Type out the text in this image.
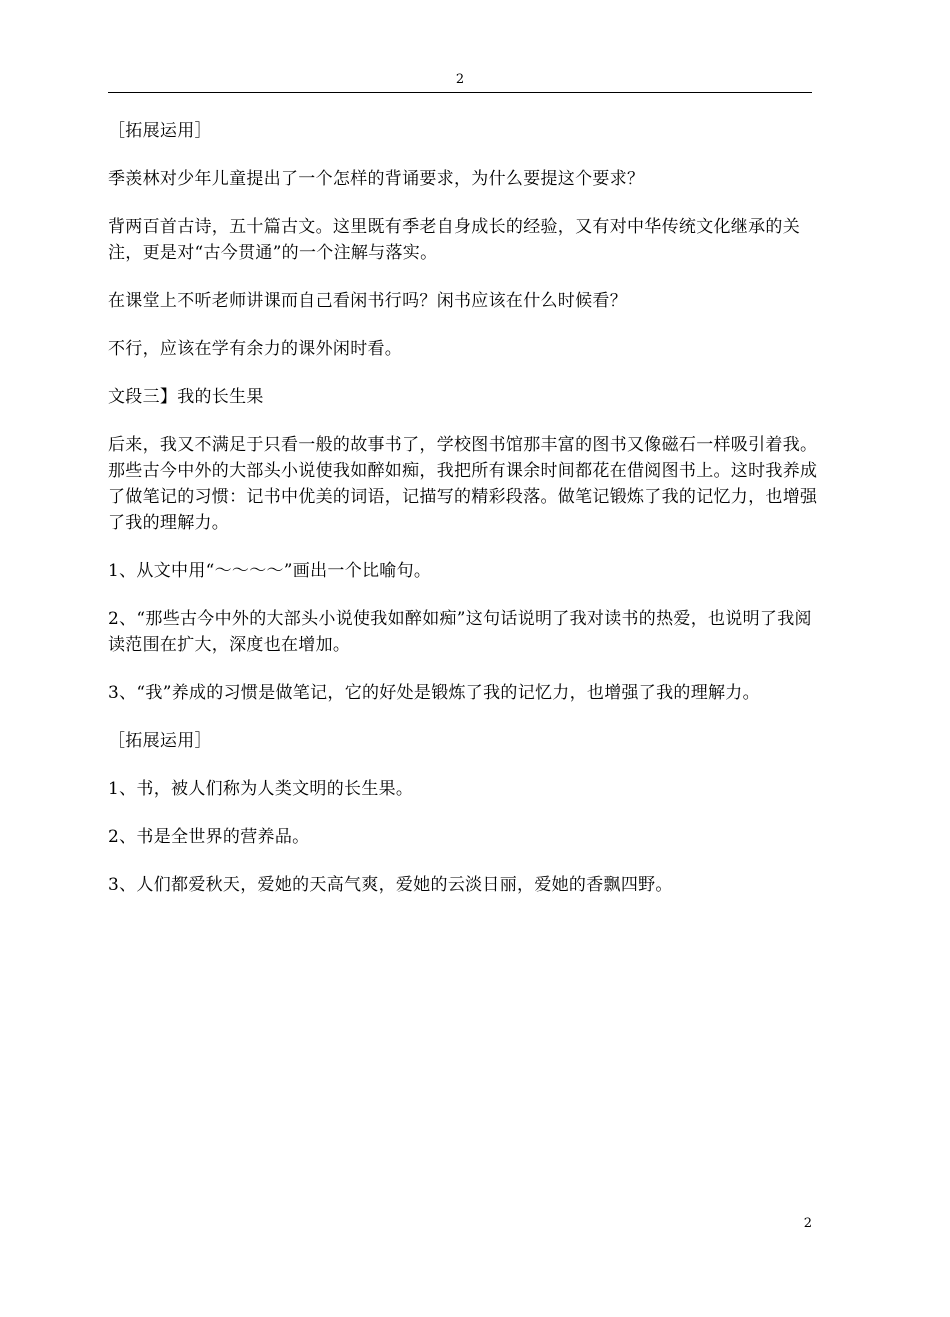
2

［拓展运用］

季羡林对少年儿童提出了一个怎样的背诵要求，为什么要提这个要求？

背两百首古诗，五十篇古文。这里既有季老自身成长的经验，又有对中华传统文化继承的关注，更是对“古今贯通”的一个注解与落实。

在课堂上不听老师讲课而自己看闲书行吗？闲书应该在什么时候看？

不行，应该在学有余力的课外闲时看。

文段三】我的长生果

后来，我又不满足于只看一般的故事书了，学校图书馆那丰富的图书又像磁石一样吸引着我。那些古今中外的大部头小说使我如醉如痴，我把所有课余时间都花在借阅图书上。这时我养成了做笔记的习惯：记书中优美的词语，记描写的精彩段落。做笔记锻炼了我的记忆力，也增强了我的理解力。

1、从文中用“～～～～”画出一个比喻句。

2、“那些古今中外的大部头小说使我如醉如痴”这句话说明了我对读书的热爱，也说明了我阅读范围在扩大，深度也在增加。

3、“我”养成的习惯是做笔记，它的好处是锻炼了我的记忆力，也增强了我的理解力。

［拓展运用］

1、书，被人们称为人类文明的长生果。

2、书是全世界的营养品。

3、人们都爱秋天，爱她的天高气爽，爱她的云淡日丽，爱她的香飘四野。

2
